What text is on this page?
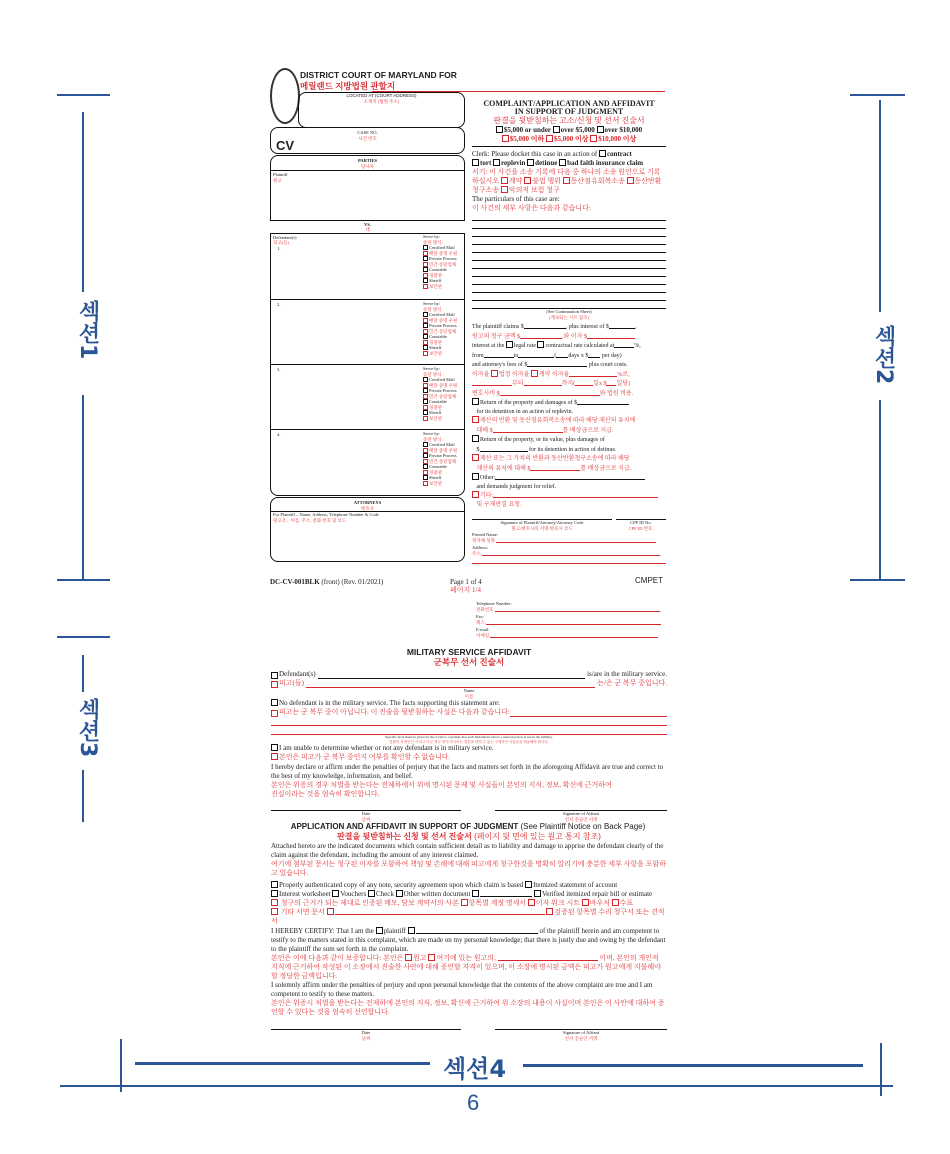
섹션1
섹션3
섹션2
섹션4
6
DISTRICT COURT OF MARYLAND FOR
메릴랜드 지방법원 관할지
LOCATED AT (COURT ADDRESS)
소재지 (법원 주소)
CASE NO.
사건 번호
CV
PARTIES
당사자
Plaintiff
원고
VS.
대
Defendant(s)
피고(들)
1.
Serve by:
송달 방식:
Certified Mail
배달 증명 우편
Private Process
민간 송달업체
Constable
경찰관
Sheriff
보안관
2.	Serve by:
송달 방식:
Certified Mail
배달 증명 우편
Private Process
민간 송달업체
Constable
경찰관
Sheriff
보안관
3.	Serve by:
송달 방식:
Certified Mail
배달 증명 우편
Private Process
민간 송달업체
Constable
경찰관
Sheriff
보안관
4.	Serve by:
송달 방식:
Certified Mail
배달 증명 우편
Private Process
민간 송달업체
Constable
경찰관
Sheriff
보안관
ATTORNEYS
변호사
For Plaintiff – Name, Address, Telephone Number & Code
원고측 – 이름, 주소, 전화 번호 및 코드
COMPLAINT/APPLICATION AND AFFIDAVIT
IN SUPPORT OF JUDGMENT
판결을 뒷받침하는 고소/신청 및 선서 진술서
$5,000 or under over $5,000 over $10,000
$5,000 이하 $5,000 이상 $10,000 이상
Clerk: Please docket this case in an action of contract
tort replevin detinue bad faith insurance claim
서기: 이 사건을 소송 기록에 다음 중 하나의 소송 원인으로 기록하십시오 계약 불법 행위 동산점유회복소송 동산반환청구소송 악의적 보험 청구
The particulars of this case are:
이 사건의 세부 사항은 다음과 같습니다:
(See Continuation Sheet)
(계속되는 시트 참조)
The plaintiff claims $	, plus interest of $	,
원고의 청구 금액 $	,와 이자 $
interest at the legal rate contractual rate calculated at	%,
from	to	( days x $ per day)
and attorney's fees of $	plus court costs.
이자율 법정 이자율 계약 이자율	%로,
부터	까지(	일x $ 일당)
변호사비 $	와 법원 비용.
Return of the property and damages of $
for its detention in an action of replevin.
재산의 반환 및 동산점유회복소송에 따라 해당 재산의 유치에
대해 $	를 배상금으로 지급.
Return of the property, or its value, plus damages of
$	for its detention in action of detinue.
재산 또는 그 가치의 반환과 동산반환청구소송에 따라 해당
재산의 유치에 대해 $	를 배상금으로 지급.
Other:
and demands judgment for relief.
기타:
및 구제판결 요청.
Signature of Plaintiff/Attorney/Attorney Code
원고/변호사의 서명/변호사 코드
CPF ID No.
CPF ID 번호.
Printed Name:
정자체 성명:
Address:
주소:
DC-CV-001BLK (front) (Rev. 01/2021)	Page 1 of 4
페이지 1/4
CMPET
Telephone Number:
전화번호:
Fax:
팩스:
E-mail:
이메일:
MILITARY SERVICE AFFIDAVIT
군복무 선서 진술서
Defendant(s)	is/are in the military service.
피고(들)	는/은 군 복무 중입니다.
Name
이름
No defendant is in the military service. The facts supporting this statement are:
피고는 군 복무 중이 아닙니다. 이 진술을 뒷받침하는 사실은 다음과 같습니다:
Specific facts must be given for the Court to conclude that each Defendant who is a natural person is not in the military.
법원이 자연인인 각 피고가 군 복무 중이 아니라는 결론을 내릴 수 있는 구체적인 사실들을 제공해야 합니다.
I am unable to determine whether or not any defendant is in military service.
본인은 피고가 군 복무 중인지 여부를 확인할 수 없습니다.
I hereby declare or affirm under the penalties of perjury that the facts and matters set forth in the aforegoing Affidavit are true and correct to the best of my knowledge, information, and belief.
본인은 위증의 경우 처벌을 받는다는 전제하에서 위에 명시된 문제 및 사실들이 본인의 지식, 정보, 확신에 근거하여 진실이라는 것을 엄숙히 확인합니다.
Date
날짜
Signature of Affiant
선서 진술인 서명
APPLICATION AND AFFIDAVIT IN SUPPORT OF JUDGMENT (See Plaintiff Notice on Back Page)
판결을 뒷받침하는 신청 및 선서 진술서 (페이지 뒷 면에 있는 원고 통지 참조)
Attached hereto are the indicated documents which contain sufficient detail as to liability and damage to apprise the defendant clearly of the claim against the defendant, including the amount of any interest claimed.
여기에 첨부된 문서는 청구된 이자를 포함하여 책임 및 손해에 대해 피고에게 청구한것을 명확히 알리기에 충분한 세부 사항을 포함하고 있습니다.
Properly authenticated copy of any note, security agreement upon which claim is based Itemized statement of account
Interest worksheet Vouchers Check Other written document	Verified itemized repair bill or estimate
청구의 근거가 되는 제대로 인증된 메모, 담보 계약서의 사본 항목별 계정 명세서 이자 워크 시트 바우처 수표
기타 서면 문서	검증된 항목별 수리 청구서 또는 견적서
I HEREBY CERTIFY: That I am the plaintiff	of the plaintiff herein and am competent to testify to the matters stated in this complaint, which are made on my personal knowledge; that there is justly due and owing by the defendant to the plaintiff the sum set forth in the complaint.
본인은 이에 다음과 같이 보증합니다: 본인은 원고 여기에 있는 원고의,	이며, 본인의 개인적 지식에 근거하여 작성된 이 소장에서 진술한 사안에 대해 증언할 자격이 있으며, 이 소장에 명시된 금액은 피고가 원고에게 지불해야 할 정당한 금액입니다.
I solemnly affirm under the penalties of perjury and upon personal knowledge that the contents of the above complaint are true and I am competent to testify to these matters.
본인은 위증시 처벌을 받는다는 전제하에 본인의 지식, 정보, 확신에 근거하여 위 소장의 내용이 사실이며 본인은 이 사안에 대하여 증언할 수 있다는 것을 엄숙히 선언합니다.
Date
날짜
Signature of Affiant
선서 진술인 서명
